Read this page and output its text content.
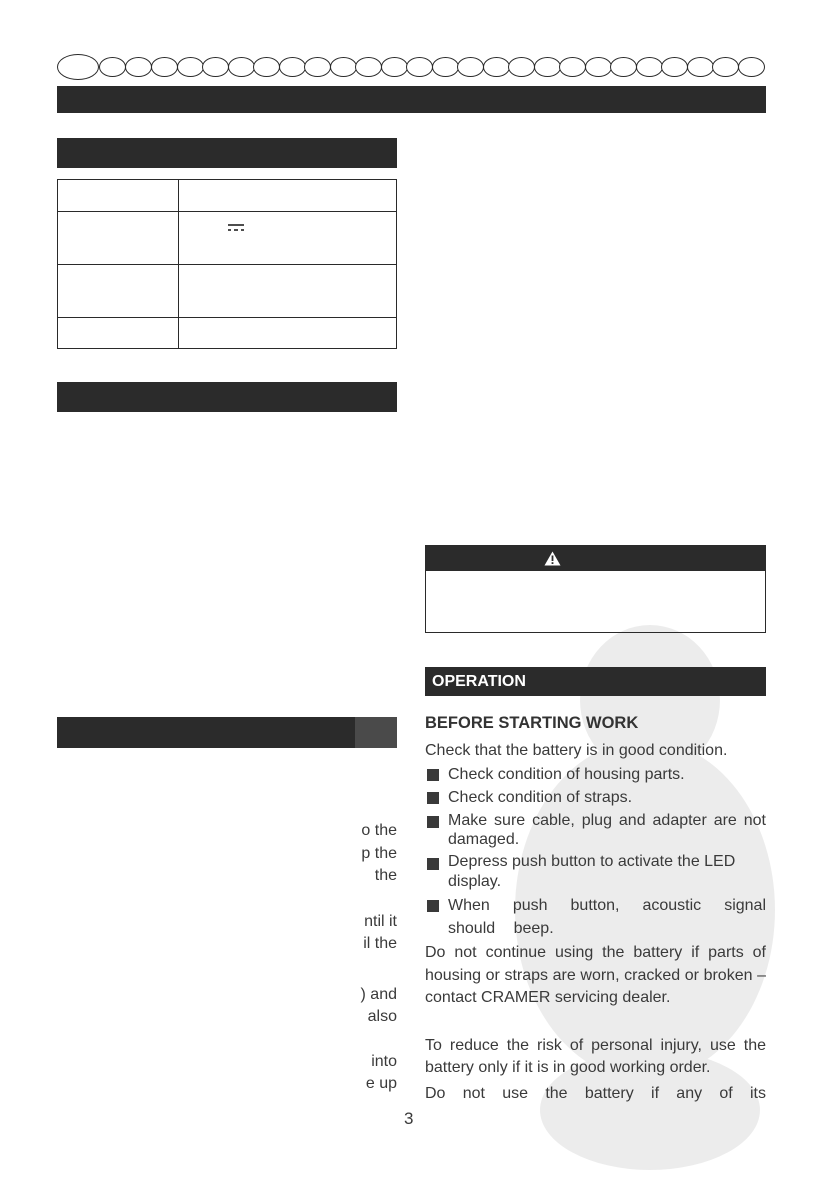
o the
p the
the
ntil it
il the
) and
also
into
e up
OPERATION
BEFORE STARTING WORK
Check that the battery is in good condition.
Check condition of housing parts.
Check condition of straps.
Make sure cable, plug and adapter are not damaged.
Depress push button to activate the LED display.
When push button, acoustic signal should beep.
Do not continue using the battery if parts of housing or straps are worn, cracked or broken – contact CRAMER servicing dealer.
To reduce the risk of personal injury, use the battery only if it is in good working order.
Do not use the battery if any of its
3
